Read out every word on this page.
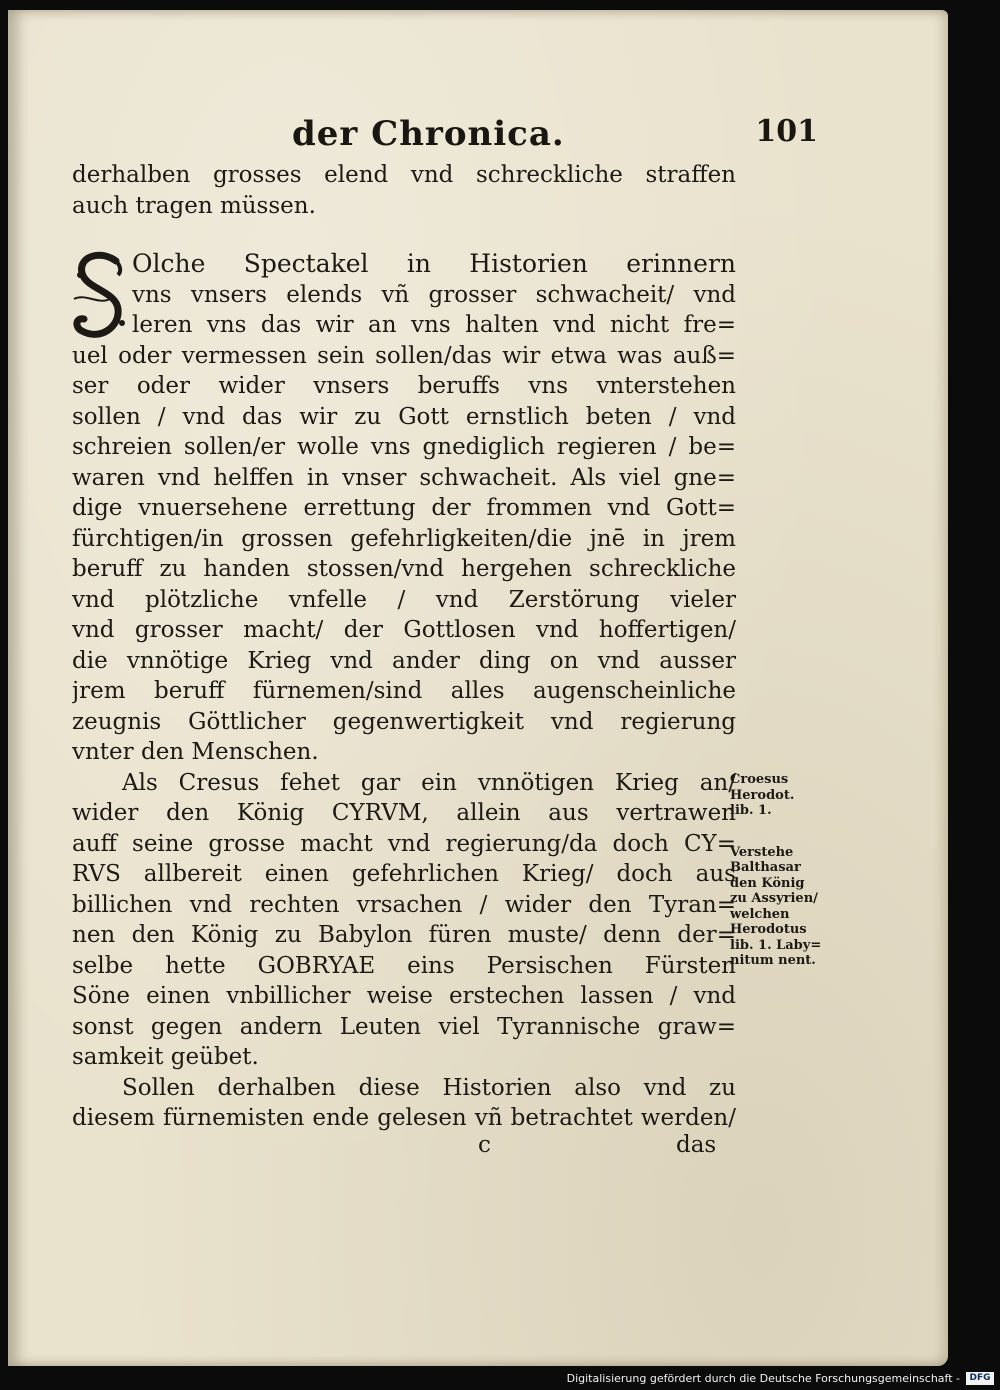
der Chronica.	101
derhalben grosses elend vnd schreckliche straffen
auch tragen müssen.
Olche Spectakel in Historien erinnern
vns vnsers elends vñ grosser schwacheit/ vnd
leren vns das wir an vns halten vnd nicht fre=
uel oder vermessen sein sollen/das wir etwa was auß=
ser oder wider vnsers beruffs vns vnterstehen
sollen / vnd das wir zu Gott ernstlich beten / vnd
schreien sollen/er wolle vns gnediglich regieren / be=
waren vnd helffen in vnser schwacheit. Als viel gne=
dige vnuersehene errettung der frommen vnd Gott=
fürchtigen/in grossen gefehrligkeiten/die jnē in jrem
beruff zu handen stossen/vnd hergehen schreckliche
vnd plötzliche vnfelle / vnd Zerstörung vieler
vnd grosser macht/ der Gottlosen vnd hoffertigen/
die vnnötige Krieg vnd ander ding on vnd ausser
jrem beruff fürnemen/sind alles augenscheinliche
zeugnis Göttlicher gegenwertigkeit vnd regierung
vnter den Menschen.
Als Cresus fehet gar ein vnnötigen Krieg an/
wider den König CYRVM, allein aus vertrawen
auff seine grosse macht vnd regierung/da doch CY=
RVS allbereit einen gefehrlichen Krieg/ doch aus
billichen vnd rechten vrsachen / wider den Tyran=
nen den König zu Babylon füren muste/ denn der=
selbe hette GOBRYAE eins Persischen Fürsten
Söne einen vnbillicher weise erstechen lassen / vnd
sonst gegen andern Leuten viel Tyrannische graw=
samkeit geübet.
Sollen derhalben diese Historien also vnd zu
diesem fürnemisten ende gelesen vñ betrachtet werden/
Croesus
Herodot.
lib. 1.
Verstehe
Balthasar
den König
zu Assyrien/
welchen
Herodotus
lib. 1. Laby=
nitum nent.
c	das
Digitalisierung gefördert durch die Deutsche Forschungsgemeinschaft -	DFG
